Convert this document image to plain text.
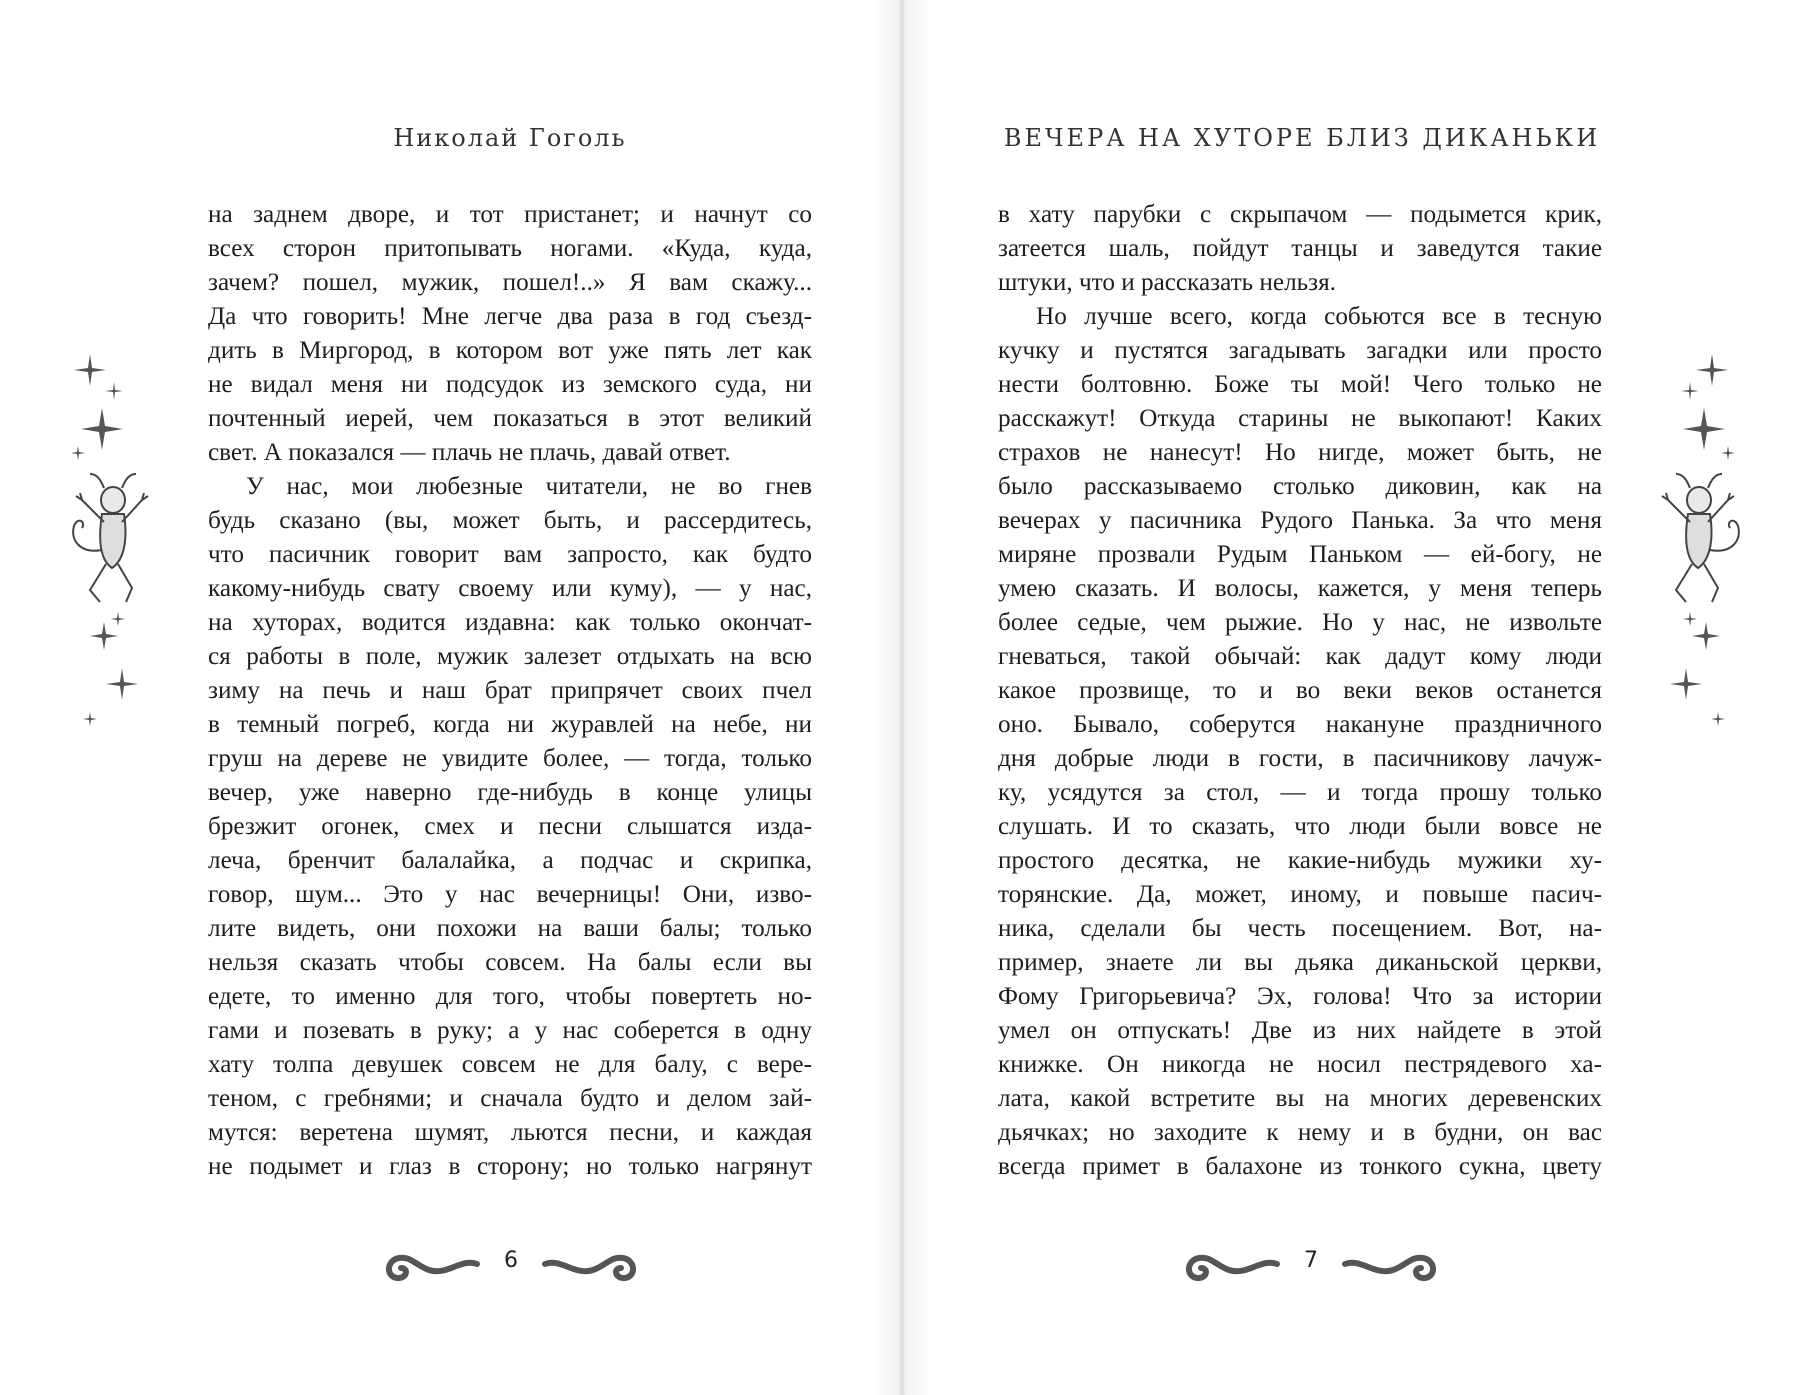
Николай Гоголь
на заднем дворе, и тот пристанет; и начнут со
всех сторон притопывать ногами. «Куда, куда,
зачем? пошел, мужик, пошел!..» Я вам скажу...
Да что говорить! Мне легче два раза в год съезд-
дить в Миргород, в котором вот уже пять лет как
не видал меня ни подсудок из земского суда, ни
почтенный иерей, чем показаться в этот великий
свет. А показался — плачь не плачь, давай ответ.
У нас, мои любезные читатели, не во гнев
будь сказано (вы, может быть, и рассердитесь,
что пасичник говорит вам запросто, как будто
какому-нибудь свату своему или куму), — у нас,
на хуторах, водится издавна: как только окончат-
ся работы в поле, мужик залезет отдыхать на всю
зиму на печь и наш брат припрячет своих пчел
в темный погреб, когда ни журавлей на небе, ни
груш на дереве не увидите более, — тогда, только
вечер, уже наверно где-нибудь в конце улицы
брезжит огонек, смех и песни слышатся изда-
леча, бренчит балалайка, а подчас и скрипка,
говор, шум... Это у нас вечерницы! Они, изво-
лите видеть, они похожи на ваши балы; только
нельзя сказать чтобы совсем. На балы если вы
едете, то именно для того, чтобы повертеть но-
гами и позевать в руку; а у нас соберется в одну
хату толпа девушек совсем не для балу, с вере-
теном, с гребнями; и сначала будто и делом зай-
мутся: веретена шумят, льются песни, и каждая
не подымет и глаз в сторону; но только нагрянут
6
ВЕЧЕРА НА ХУТОРЕ БЛИЗ ДИКАНЬКИ
в хату парубки с скрыпачом — подымется крик,
затеется шаль, пойдут танцы и заведутся такие
штуки, что и рассказать нельзя.
Но лучше всего, когда собьются все в тесную
кучку и пустятся загадывать загадки или просто
нести болтовню. Боже ты мой! Чего только не
расскажут! Откуда старины не выкопают! Каких
страхов не нанесут! Но нигде, может быть, не
было рассказываемо столько диковин, как на
вечерах у пасичника Рудого Панька. За что меня
миряне прозвали Рудым Паньком — ей-богу, не
умею сказать. И волосы, кажется, у меня теперь
более седые, чем рыжие. Но у нас, не извольте
гневаться, такой обычай: как дадут кому люди
какое прозвище, то и во веки веков останется
оно. Бывало, соберутся накануне праздничного
дня добрые люди в гости, в пасичникову лачуж-
ку, усядутся за стол, — и тогда прошу только
слушать. И то сказать, что люди были вовсе не
простого десятка, не какие-нибудь мужики ху-
торянские. Да, может, иному, и повыше пасич-
ника, сделали бы честь посещением. Вот, на-
пример, знаете ли вы дьяка диканьской церкви,
Фому Григорьевича? Эх, голова! Что за истории
умел он отпускать! Две из них найдете в этой
книжке. Он никогда не носил пестрядевого ха-
лата, какой встретите вы на многих деревенских
дьячках; но заходите к нему и в будни, он вас
всегда примет в балахоне из тонкого сукна, цвету
7
